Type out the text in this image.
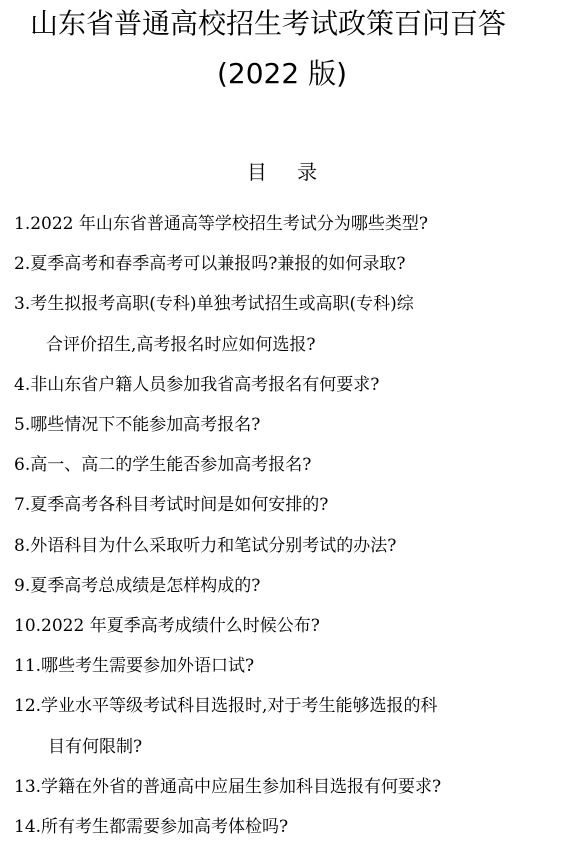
山东省普通高校招生考试政策百问百答
(2022 版)
目 录
1.2022 年山东省普通高等学校招生考试分为哪些类型?
2.夏季高考和春季高考可以兼报吗?兼报的如何录取?
3.考生拟报考高职(专科)单独考试招生或高职(专科)综
合评价招生,高考报名时应如何选报?
4.非山东省户籍人员参加我省高考报名有何要求?
5.哪些情况下不能参加高考报名?
6.高一、高二的学生能否参加高考报名?
7.夏季高考各科目考试时间是如何安排的?
8.外语科目为什么采取听力和笔试分别考试的办法?
9.夏季高考总成绩是怎样构成的?
10.2022 年夏季高考成绩什么时候公布?
11.哪些考生需要参加外语口试?
12.学业水平等级考试科目选报时,对于考生能够选报的科
目有何限制?
13.学籍在外省的普通高中应届生参加科目选报有何要求?
14.所有考生都需要参加高考体检吗?
